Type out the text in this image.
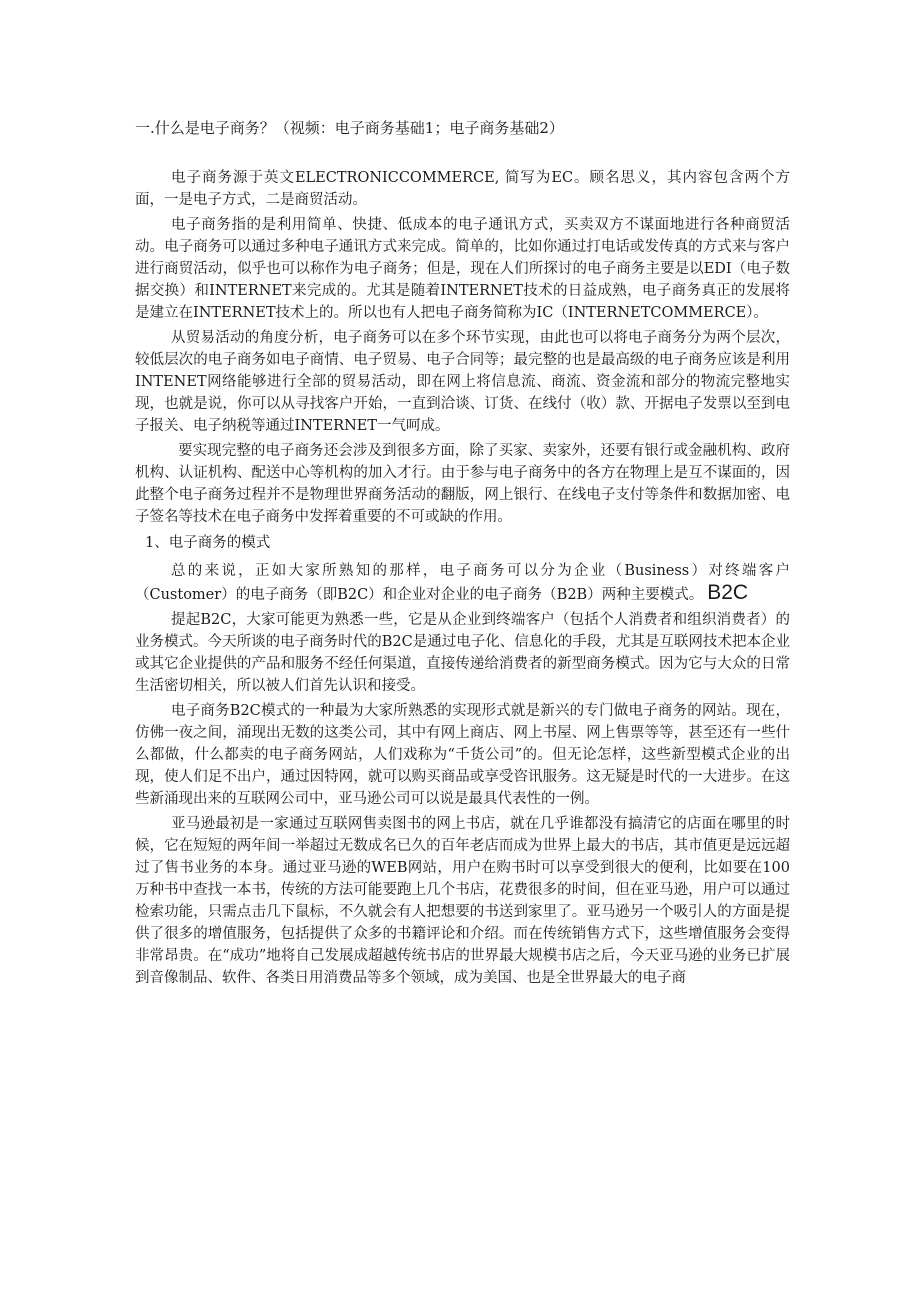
一.什么是电子商务？（视频：电子商务基础1；电子商务基础2）

电子商务源于英文ELECTRONICCOMMERCE, 简写为EC。顾名思义，其内容包含两个方面，一是电子方式，二是商贸活动。

电子商务指的是利用简单、快捷、低成本的电子通讯方式，买卖双方不谋面地进行各种商贸活动。电子商务可以通过多种电子通讯方式来完成。简单的，比如你通过打电话或发传真的方式来与客户进行商贸活动，似乎也可以称作为电子商务；但是，现在人们所探讨的电子商务主要是以EDI（电子数据交换）和INTERNET来完成的。尤其是随着INTERNET技术的日益成熟，电子商务真正的发展将是建立在INTERNET技术上的。所以也有人把电子商务简称为IC（INTERNETCOMMERCE）。

从贸易活动的角度分析，电子商务可以在多个环节实现，由此也可以将电子商务分为两个层次，较低层次的电子商务如电子商情、电子贸易、电子合同等；最完整的也是最高级的电子商务应该是利用INTENET网络能够进行全部的贸易活动，即在网上将信息流、商流、资金流和部分的物流完整地实现，也就是说，你可以从寻找客户开始，一直到洽谈、订货、在线付（收）款、开据电子发票以至到电子报关、电子纳税等通过INTERNET一气呵成。

要实现完整的电子商务还会涉及到很多方面，除了买家、卖家外，还要有银行或金融机构、政府机构、认证机构、配送中心等机构的加入才行。由于参与电子商务中的各方在物理上是互不谋面的，因此整个电子商务过程并不是物理世界商务活动的翻版，网上银行、在线电子支付等条件和数据加密、电子签名等技术在电子商务中发挥着重要的不可或缺的作用。

1、电子商务的模式

总的来说，正如大家所熟知的那样，电子商务可以分为企业（Business）对终端客户（Customer）的电子商务（即B2C）和企业对企业的电子商务（B2B）两种主要模式。 B2C

提起B2C，大家可能更为熟悉一些，它是从企业到终端客户（包括个人消费者和组织消费者）的业务模式。今天所谈的电子商务时代的B2C是通过电子化、信息化的手段，尤其是互联网技术把本企业或其它企业提供的产品和服务不经任何渠道，直接传递给消费者的新型商务模式。因为它与大众的日常生活密切相关，所以被人们首先认识和接受。

电子商务B2C模式的一种最为大家所熟悉的实现形式就是新兴的专门做电子商务的网站。现在，仿佛一夜之间，涌现出无数的这类公司，其中有网上商店、网上书屋、网上售票等等，甚至还有一些什么都做，什么都卖的电子商务网站，人们戏称为“千货公司”的。但无论怎样，这些新型模式企业的出现，使人们足不出户，通过因特网，就可以购买商品或享受咨讯服务。这无疑是时代的一大进步。在这些新涌现出来的互联网公司中，亚马逊公司可以说是最具代表性的一例。

亚马逊最初是一家通过互联网售卖图书的网上书店，就在几乎谁都没有搞清它的店面在哪里的时候，它在短短的两年间一举超过无数成名已久的百年老店而成为世界上最大的书店，其市值更是远远超过了售书业务的本身。通过亚马逊的WEB网站，用户在购书时可以享受到很大的便利，比如要在100万种书中查找一本书，传统的方法可能要跑上几个书店，花费很多的时间，但在亚马逊，用户可以通过检索功能，只需点击几下鼠标，不久就会有人把想要的书送到家里了。亚马逊另一个吸引人的方面是提供了很多的增值服务，包括提供了众多的书籍评论和介绍。而在传统销售方式下，这些增值服务会变得非常昂贵。在“成功”地将自己发展成超越传统书店的世界最大规模书店之后，今天亚马逊的业务已扩展到音像制品、软件、各类日用消费品等多个领域，成为美国、也是全世界最大的电子商
